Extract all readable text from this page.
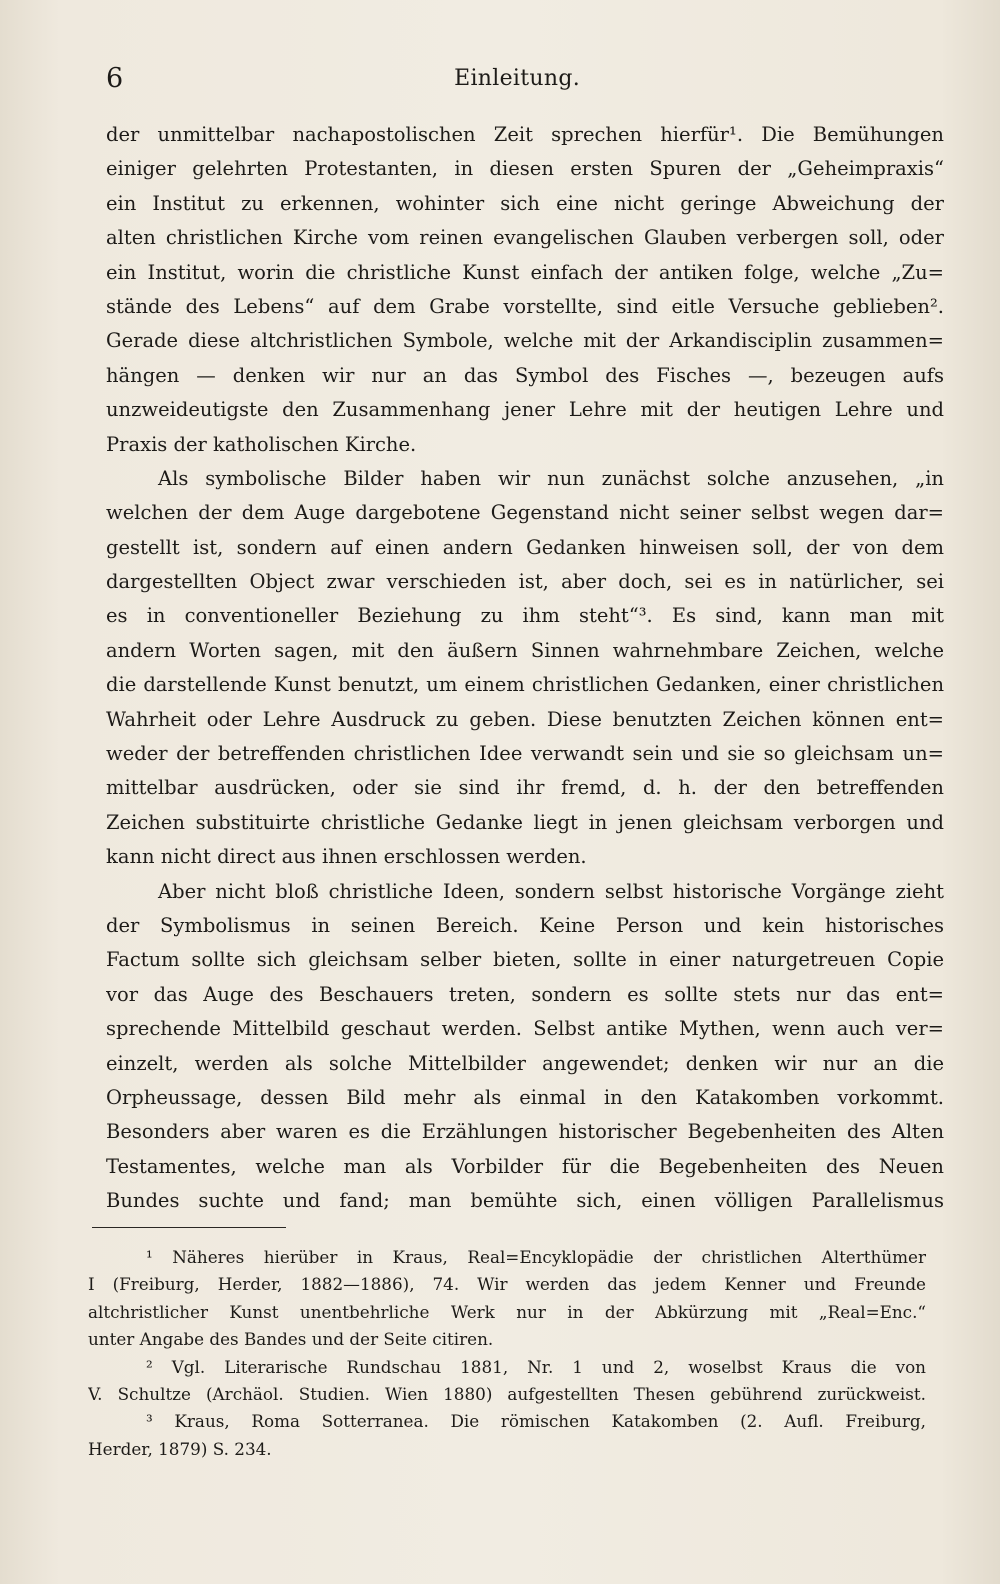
6	Einleitung.
der unmittelbar nachapostolischen Zeit sprechen hierfür¹. Die Bemühungen
einiger gelehrten Protestanten, in diesen ersten Spuren der „Geheimpraxis“
ein Institut zu erkennen, wohinter sich eine nicht geringe Abweichung der
alten christlichen Kirche vom reinen evangelischen Glauben verbergen soll, oder
ein Institut, worin die christliche Kunst einfach der antiken folge, welche „Zu=
stände des Lebens“ auf dem Grabe vorstellte, sind eitle Versuche geblieben².
Gerade diese altchristlichen Symbole, welche mit der Arkandisciplin zusammen=
hängen — denken wir nur an das Symbol des Fisches —, bezeugen aufs
unzweideutigste den Zusammenhang jener Lehre mit der heutigen Lehre und
Praxis der katholischen Kirche.
Als symbolische Bilder haben wir nun zunächst solche anzusehen, „in
welchen der dem Auge dargebotene Gegenstand nicht seiner selbst wegen dar=
gestellt ist, sondern auf einen andern Gedanken hinweisen soll, der von dem
dargestellten Object zwar verschieden ist, aber doch, sei es in natürlicher, sei
es in conventioneller Beziehung zu ihm steht“³. Es sind, kann man mit
andern Worten sagen, mit den äußern Sinnen wahrnehmbare Zeichen, welche
die darstellende Kunst benutzt, um einem christlichen Gedanken, einer christlichen
Wahrheit oder Lehre Ausdruck zu geben. Diese benutzten Zeichen können ent=
weder der betreffenden christlichen Idee verwandt sein und sie so gleichsam un=
mittelbar ausdrücken, oder sie sind ihr fremd, d. h. der den betreffenden
Zeichen substituirte christliche Gedanke liegt in jenen gleichsam verborgen und
kann nicht direct aus ihnen erschlossen werden.
Aber nicht bloß christliche Ideen, sondern selbst historische Vorgänge zieht
der Symbolismus in seinen Bereich. Keine Person und kein historisches
Factum sollte sich gleichsam selber bieten, sollte in einer naturgetreuen Copie
vor das Auge des Beschauers treten, sondern es sollte stets nur das ent=
sprechende Mittelbild geschaut werden. Selbst antike Mythen, wenn auch ver=
einzelt, werden als solche Mittelbilder angewendet; denken wir nur an die
Orpheussage, dessen Bild mehr als einmal in den Katakomben vorkommt.
Besonders aber waren es die Erzählungen historischer Begebenheiten des Alten
Testamentes, welche man als Vorbilder für die Begebenheiten des Neuen
Bundes suchte und fand; man bemühte sich, einen völligen Parallelismus
¹ Näheres hierüber in Kraus, Real=Encyklopädie der christlichen Alterthümer
I (Freiburg, Herder, 1882—1886), 74. Wir werden das jedem Kenner und Freunde
altchristlicher Kunst unentbehrliche Werk nur in der Abkürzung mit „Real=Enc.“
unter Angabe des Bandes und der Seite citiren.
² Vgl. Literarische Rundschau 1881, Nr. 1 und 2, woselbst Kraus die von
V. Schultze (Archäol. Studien. Wien 1880) aufgestellten Thesen gebührend zurückweist.
³ Kraus, Roma Sotterranea. Die römischen Katakomben (2. Aufl. Freiburg,
Herder, 1879) S. 234.
